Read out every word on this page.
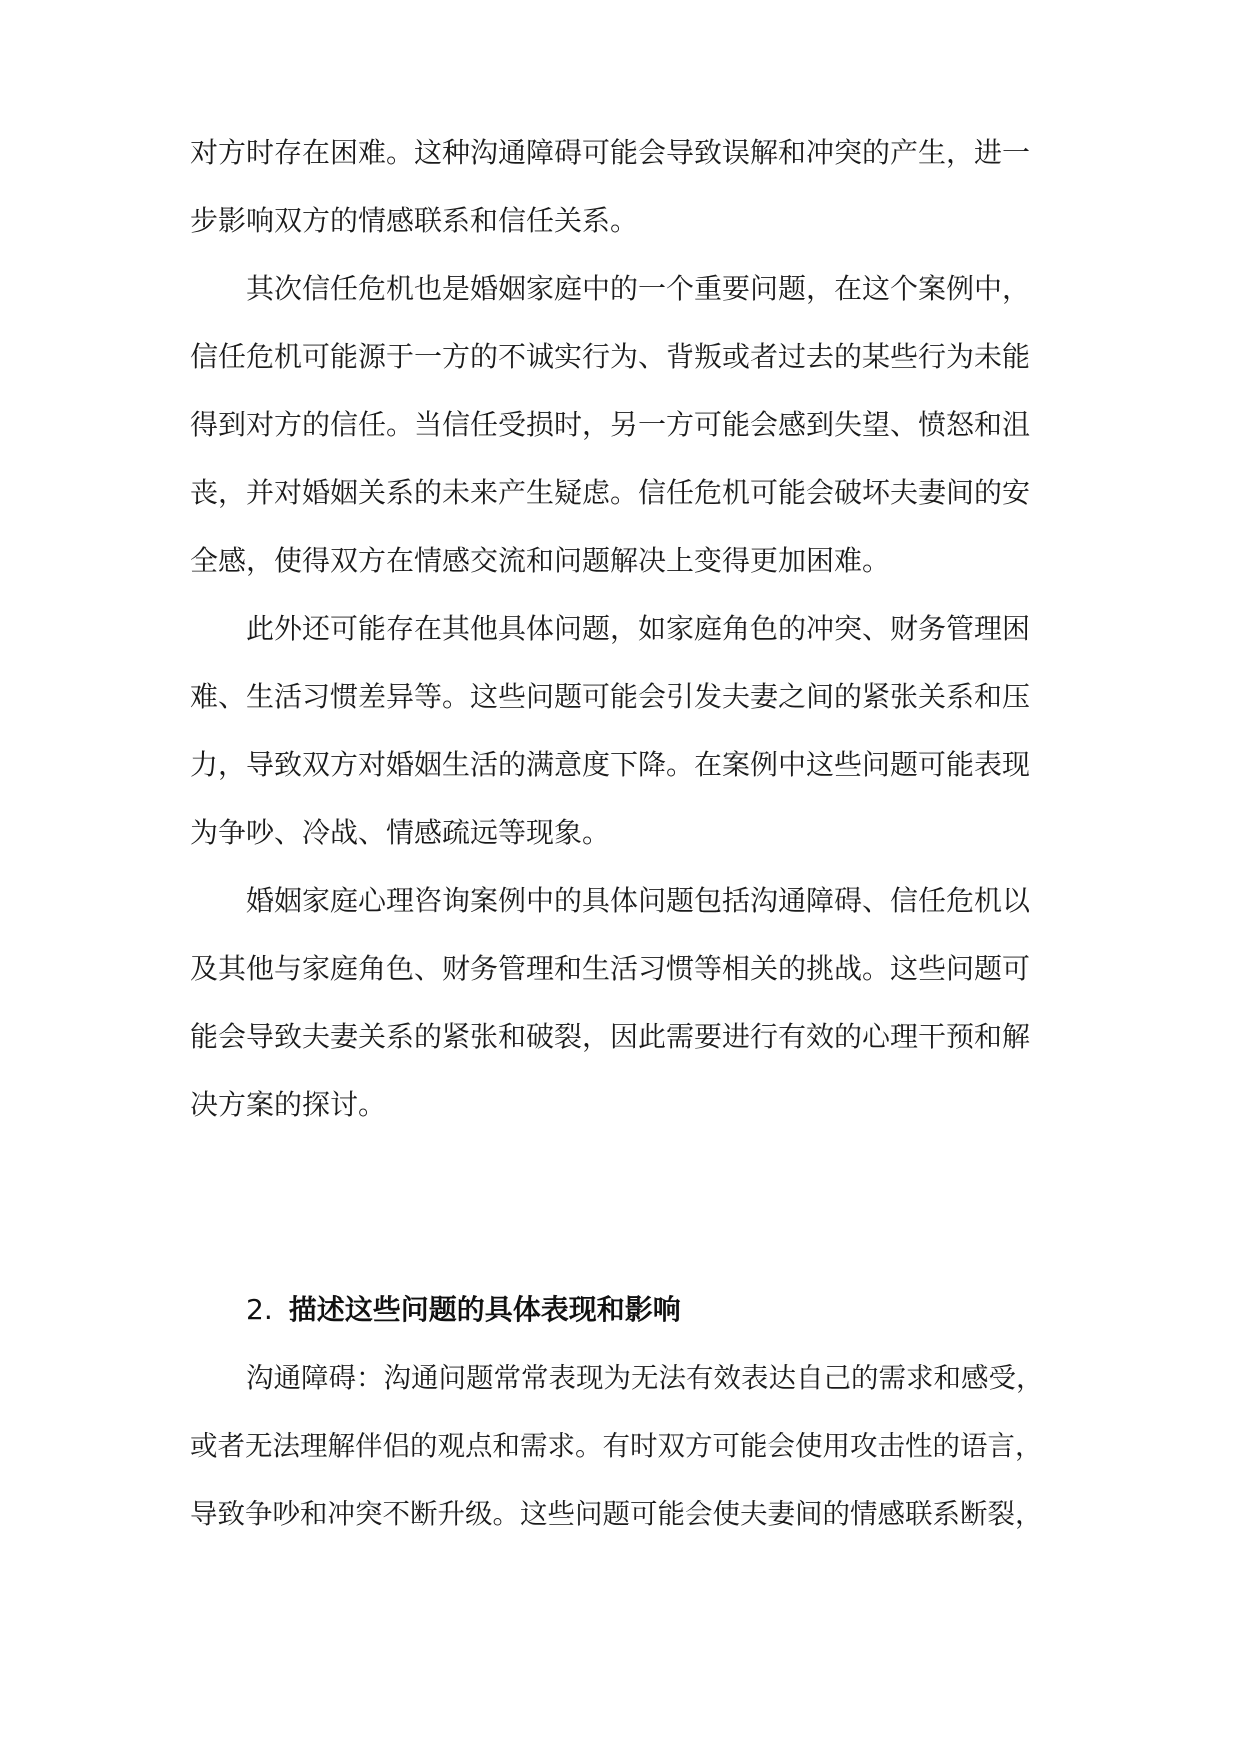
对方时存在困难。这种沟通障碍可能会导致误解和冲突的产生，进一
步影响双方的情感联系和信任关系。
其次信任危机也是婚姻家庭中的一个重要问题，在这个案例中，
信任危机可能源于一方的不诚实行为、背叛或者过去的某些行为未能
得到对方的信任。当信任受损时，另一方可能会感到失望、愤怒和沮
丧，并对婚姻关系的未来产生疑虑。信任危机可能会破坏夫妻间的安
全感，使得双方在情感交流和问题解决上变得更加困难。
此外还可能存在其他具体问题，如家庭角色的冲突、财务管理困
难、生活习惯差异等。这些问题可能会引发夫妻之间的紧张关系和压
力，导致双方对婚姻生活的满意度下降。在案例中这些问题可能表现
为争吵、冷战、情感疏远等现象。
婚姻家庭心理咨询案例中的具体问题包括沟通障碍、信任危机以
及其他与家庭角色、财务管理和生活习惯等相关的挑战。这些问题可
能会导致夫妻关系的紧张和破裂，因此需要进行有效的心理干预和解
决方案的探讨。
2. 描述这些问题的具体表现和影响
沟通障碍：沟通问题常常表现为无法有效表达自己的需求和感受，
或者无法理解伴侣的观点和需求。有时双方可能会使用攻击性的语言，
导致争吵和冲突不断升级。这些问题可能会使夫妻间的情感联系断裂，
